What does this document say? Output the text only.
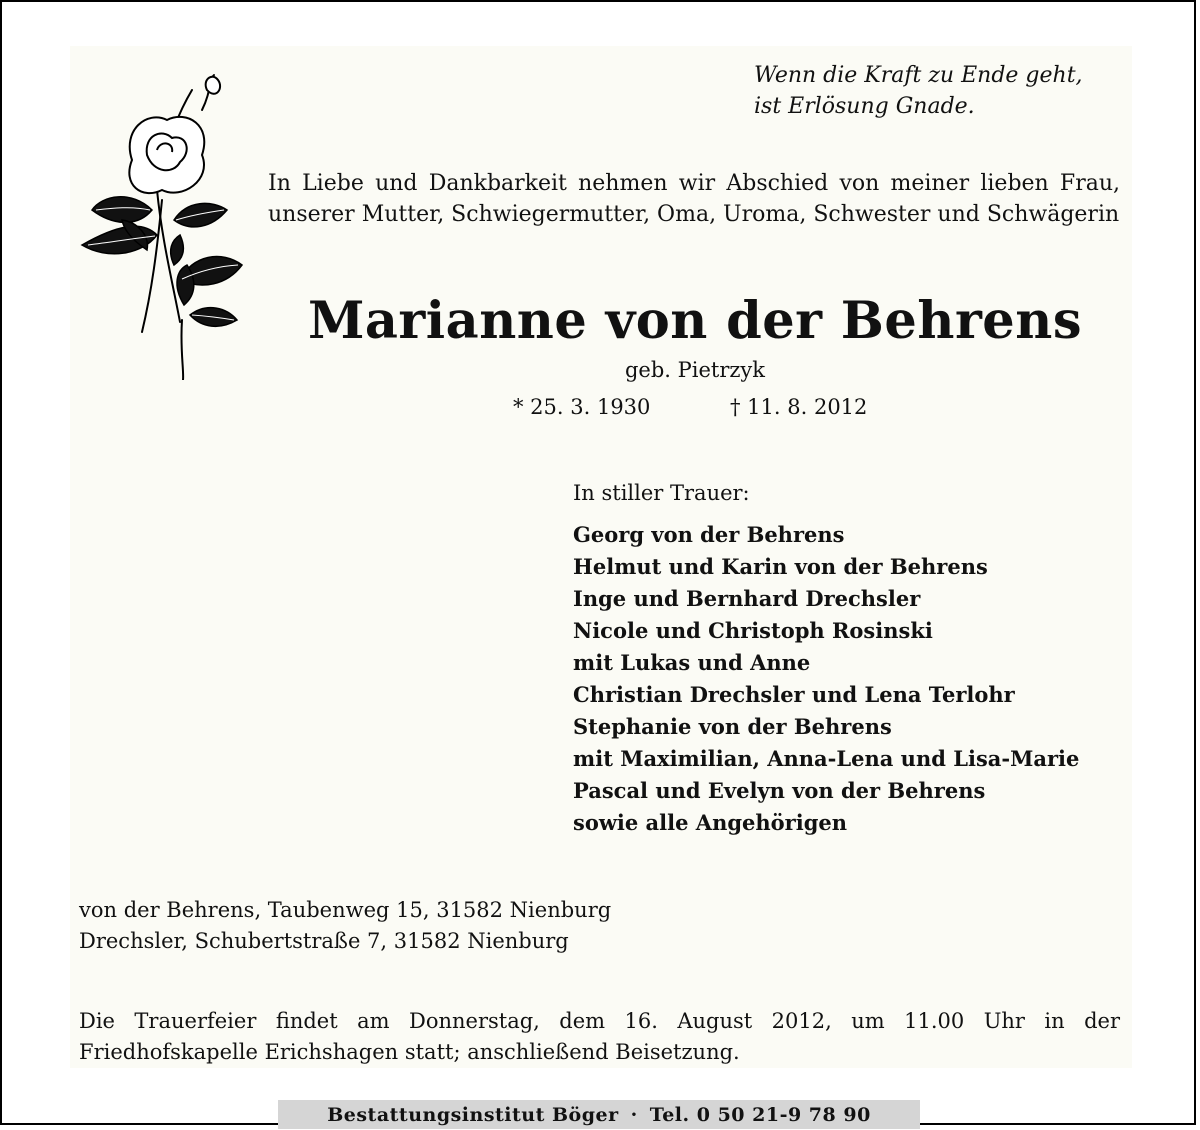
Wenn die Kraft zu Ende geht,
ist Erlösung Gnade.
In Liebe und Dankbarkeit nehmen wir Abschied von meiner lieben Frau, unserer Mutter, Schwiegermutter, Oma, Uroma, Schwester und Schwägerin
Marianne von der Behrens
geb. Pietrzyk
* 25. 3. 1930	† 11. 8. 2012
In stiller Trauer:
Georg von der Behrens
Helmut und Karin von der Behrens
Inge und Bernhard Drechsler
Nicole und Christoph Rosinski
mit Lukas und Anne
Christian Drechsler und Lena Terlohr
Stephanie von der Behrens
mit Maximilian, Anna-Lena und Lisa-Marie
Pascal und Evelyn von der Behrens
sowie alle Angehörigen
von der Behrens, Taubenweg 15, 31582 Nienburg
Drechsler, Schubertstraße 7, 31582 Nienburg
Die Trauerfeier findet am Donnerstag, dem 16. August 2012, um 11.00 Uhr in der Friedhofskapelle Erichshagen statt; anschließend Beisetzung.
Bestattungsinstitut Böger · Tel. 0 50 21-9 78 90
